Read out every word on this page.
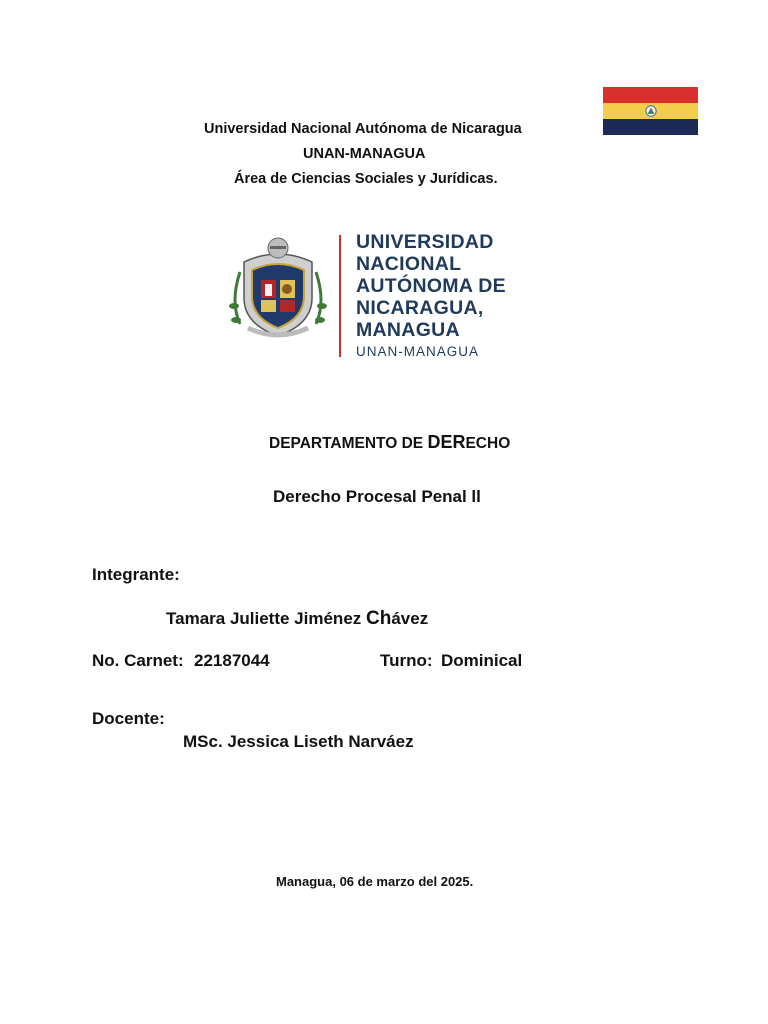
Universidad Nacional Autónoma de Nicaragua
UNAN-MANAGUA
Área de Ciencias Sociales y Jurídicas.
UNIVERSIDAD
NACIONAL
AUTÓNOMA DE
NICARAGUA,
MANAGUA
UNAN-MANAGUA
DEPARTAMENTO DE DERECHO
Derecho Procesal Penal ll
Integrante:
Tamara Juliette Jiménez Chávez
No. Carnet: 22187044	Turno: Dominical
Docente:
MSc. Jessica Liseth Narváez
Managua, 06 de marzo del 2025.
